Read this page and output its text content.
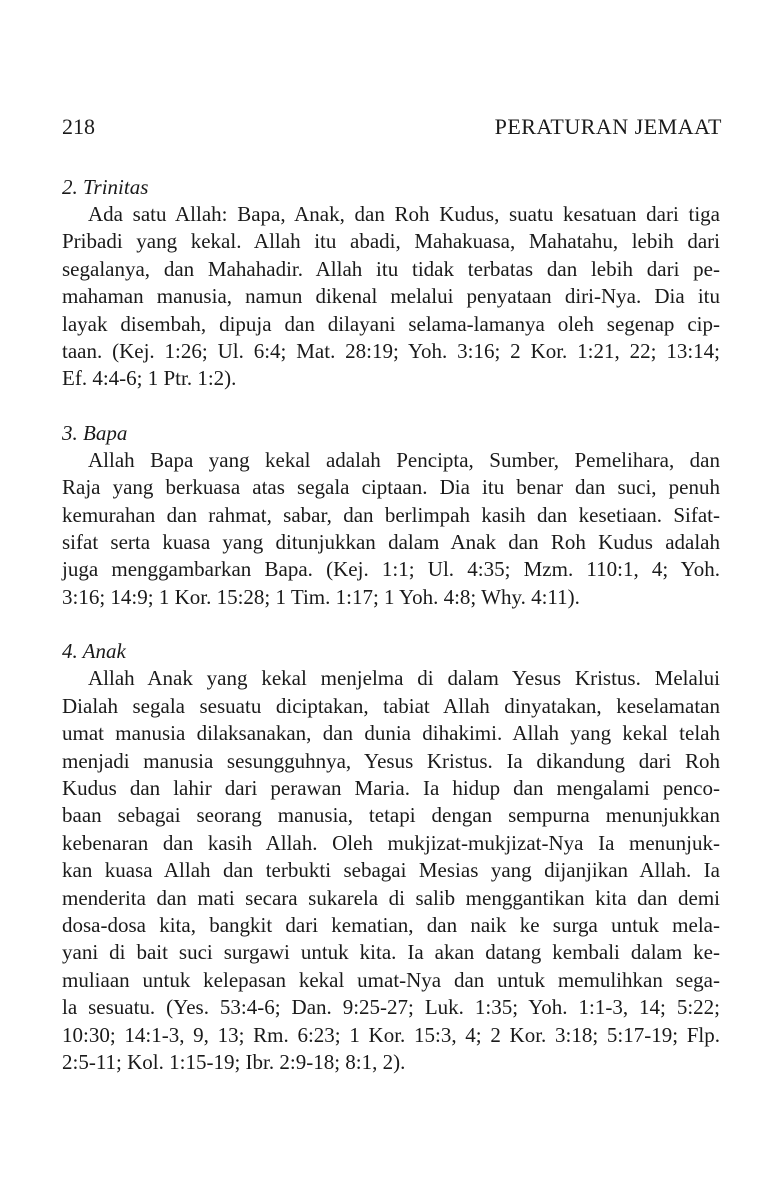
218	PERATURAN JEMAAT

2. Trinitas

Ada satu Allah: Bapa, Anak, dan Roh Kudus, suatu kesatuan dari tiga

Pribadi yang kekal. Allah itu abadi, Mahakuasa, Mahatahu, lebih dari

segalanya, dan Mahahadir. Allah itu tidak terbatas dan lebih dari pe-

mahaman manusia, namun dikenal melalui penyataan diri-Nya. Dia itu

layak disembah, dipuja dan dilayani selama-lamanya oleh segenap cip-

taan. (Kej. 1:26; Ul. 6:4; Mat. 28:19; Yoh. 3:16; 2 Kor. 1:21, 22; 13:14;

Ef. 4:4-6; 1 Ptr. 1:2).

3. Bapa

Allah Bapa yang kekal adalah Pencipta, Sumber, Pemelihara, dan

Raja yang berkuasa atas segala ciptaan. Dia itu benar dan suci, penuh

kemurahan dan rahmat, sabar, dan berlimpah kasih dan kesetiaan. Sifat-

sifat serta kuasa yang ditunjukkan dalam Anak dan Roh Kudus adalah

juga menggambarkan Bapa. (Kej. 1:1; Ul. 4:35; Mzm. 110:1, 4; Yoh.

3:16; 14:9; 1 Kor. 15:28; 1 Tim. 1:17; 1 Yoh. 4:8; Why. 4:11).

4. Anak

Allah Anak yang kekal menjelma di dalam Yesus Kristus. Melalui

Dialah segala sesuatu diciptakan, tabiat Allah dinyatakan, keselamatan

umat manusia dilaksanakan, dan dunia dihakimi. Allah yang kekal telah

menjadi manusia sesungguhnya, Yesus Kristus. Ia dikandung dari Roh

Kudus dan lahir dari perawan Maria. Ia hidup dan mengalami penco-

baan sebagai seorang manusia, tetapi dengan sempurna menunjukkan

kebenaran dan kasih Allah. Oleh mukjizat-mukjizat-Nya Ia menunjuk-

kan kuasa Allah dan terbukti sebagai Mesias yang dijanjikan Allah. Ia

menderita dan mati secara sukarela di salib menggantikan kita dan demi

dosa-dosa kita, bangkit dari kematian, dan naik ke surga untuk mela-

yani di bait suci surgawi untuk kita. Ia akan datang kembali dalam ke-

muliaan untuk kelepasan kekal umat-Nya dan untuk memulihkan sega-

la sesuatu. (Yes. 53:4-6; Dan. 9:25-27; Luk. 1:35; Yoh. 1:1-3, 14; 5:22;

10:30; 14:1-3, 9, 13; Rm. 6:23; 1 Kor. 15:3, 4; 2 Kor. 3:18; 5:17-19; Flp.

2:5-11; Kol. 1:15-19; Ibr. 2:9-18; 8:1, 2).
